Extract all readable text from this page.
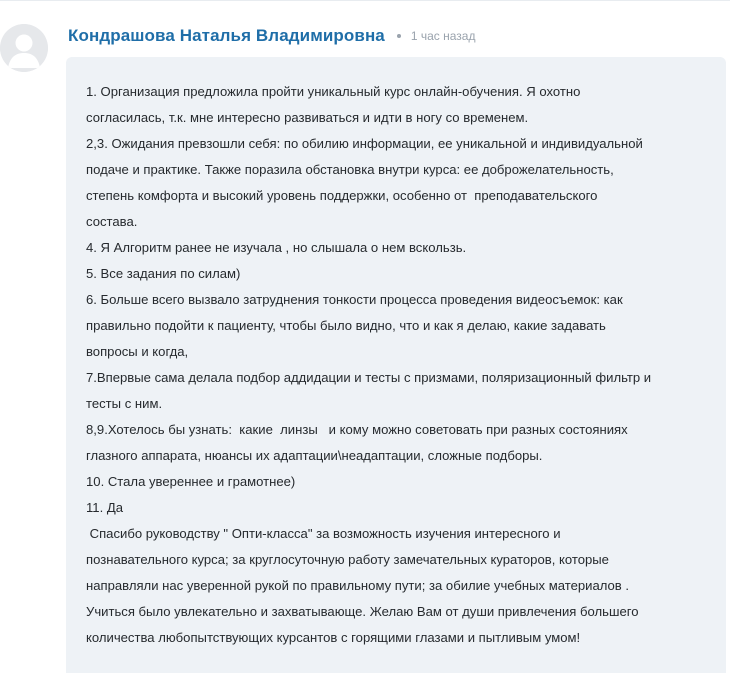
Кондрашова Наталья Владимировна 1 час назад

1. Организация предложила пройти уникальный курс онлайн-обучения. Я охотно

согласилась, т.к. мне интересно развиваться и идти в ногу со временем.

2,3. Ожидания превзошли себя: по обилию информации, ее уникальной и индивидуальной

подаче и практике. Также поразила обстановка внутри курса: ее доброжелательность,

степень комфорта и высокий уровень поддержки, особенно от  преподавательского

состава.

4. Я Алгоритм ранее не изучала , но слышала о нем вскользь.

5. Все задания по силам)

6. Больше всего вызвало затруднения тонкости процесса проведения видеосъемок: как

правильно подойти к пациенту, чтобы было видно, что и как я делаю, какие задавать

вопросы и когда,

7.Впервые сама делала подбор аддидации и тесты с призмами, поляризационный фильтр и

тесты с ним.

8,9.Хотелось бы узнать:  какие  линзы   и кому можно советовать при разных состояниях

глазного аппарата, нюансы их адаптации\неадаптации, сложные подборы.

10. Стала увереннее и грамотнее)

11. Да

Спасибо руководству " Опти-класса" за возможность изучения интересного и

познавательного курса; за круглосуточную работу замечательных кураторов, которые

направляли нас уверенной рукой по правильному пути; за обилие учебных материалов .

Учиться было увлекательно и захватывающе. Желаю Вам от души привлечения большего

количества любопытствующих курсантов с горящими глазами и пытливым умом!
